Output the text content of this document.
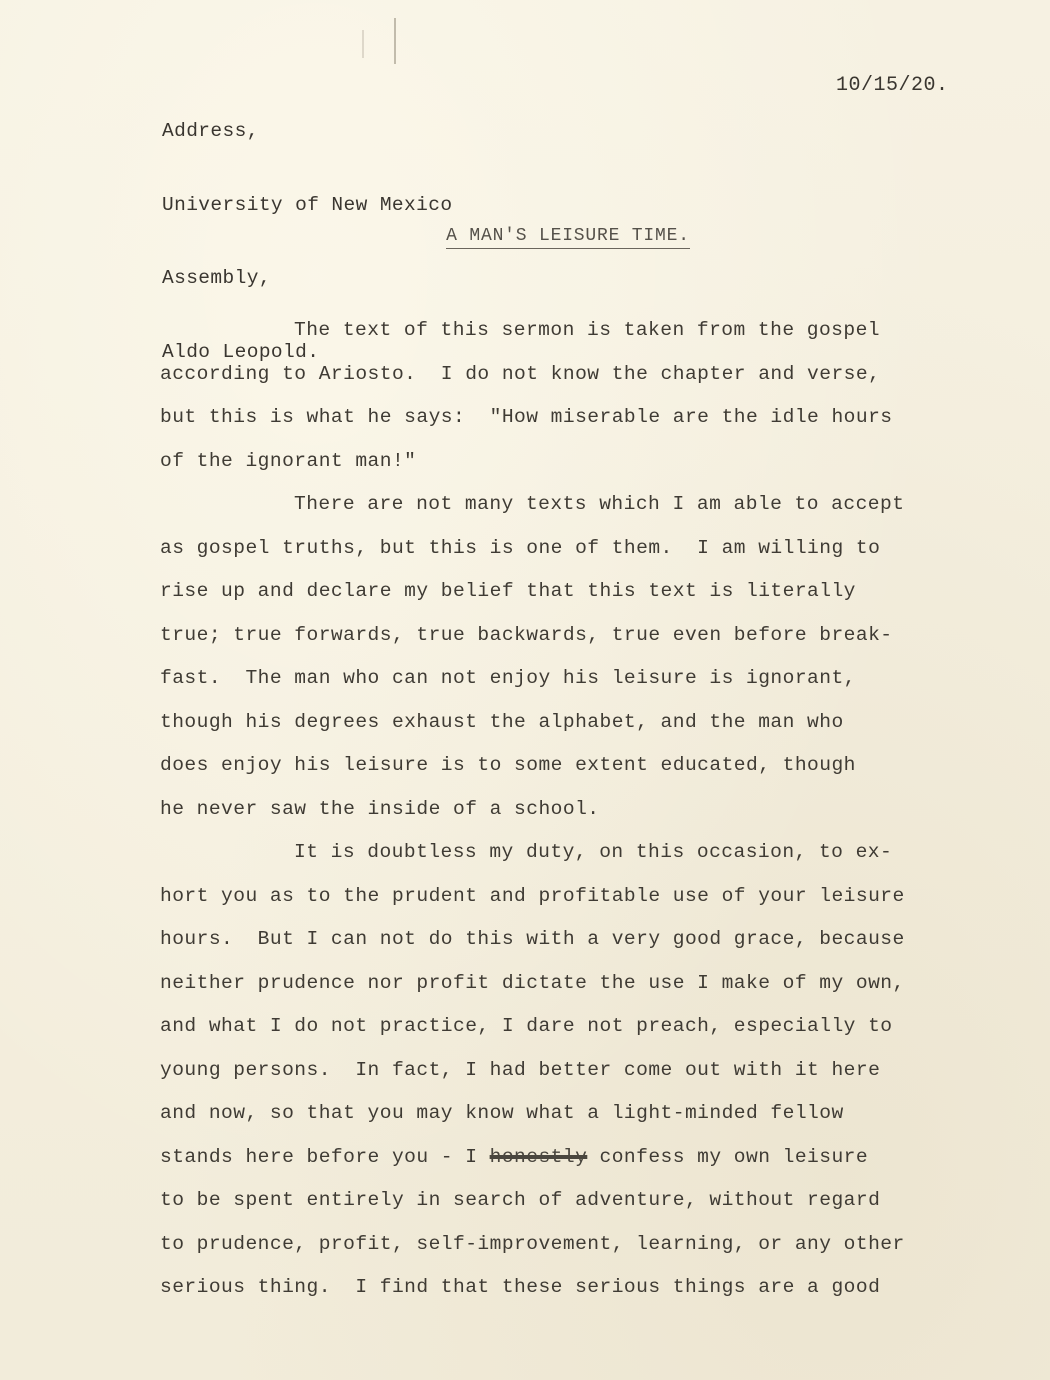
Address,

University of New Mexico

Assembly,

Aldo Leopold.

10/15/20.
A MAN'S LEISURE TIME.
The text of this sermon is taken from the gospel
according to Ariosto.  I do not know the chapter and verse,
but this is what he says:  "How miserable are the idle hours
of the ignorant man!"
There are not many texts which I am able to accept
as gospel truths, but this is one of them.  I am willing to
rise up and declare my belief that this text is literally
true; true forwards, true backwards, true even before break-
fast.  The man who can not enjoy his leisure is ignorant,
though his degrees exhaust the alphabet, and the man who
does enjoy his leisure is to some extent educated, though
he never saw the inside of a school.
It is doubtless my duty, on this occasion, to ex-
hort you as to the prudent and profitable use of your leisure
hours.  But I can not do this with a very good grace, because
neither prudence nor profit dictate the use I make of my own,
and what I do not practice, I dare not preach, especially to
young persons.  In fact, I had better come out with it here
and now, so that you may know what a light-minded fellow
stands here before you - I honestly confess my own leisure
to be spent entirely in search of adventure, without regard
to prudence, profit, self-improvement, learning, or any other
serious thing.  I find that these serious things are a good
